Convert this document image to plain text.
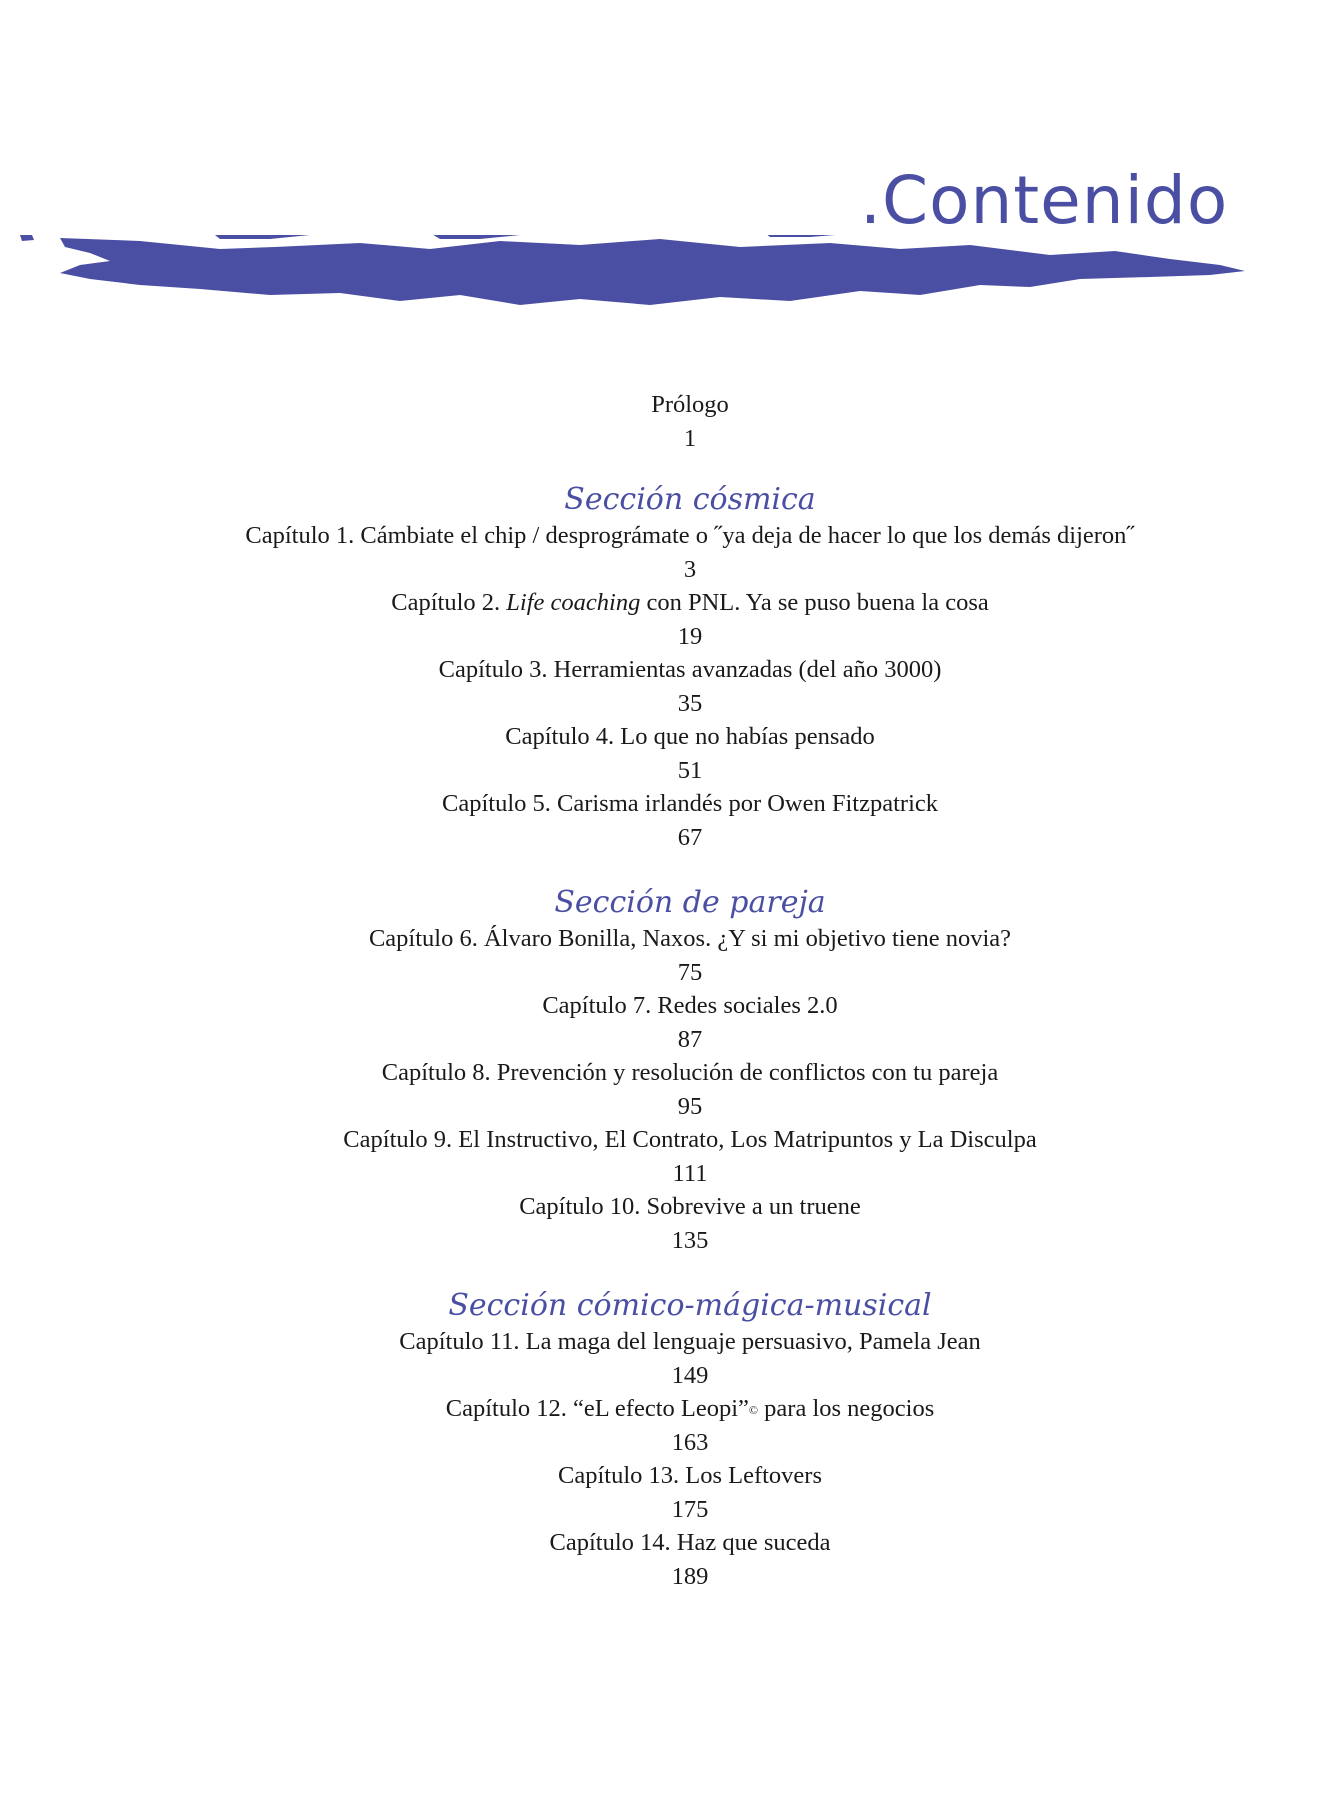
.Contenido
Prólogo
1
Sección cósmica
Capítulo 1. Cámbiate el chip / desprográmate o ˝ya deja de hacer lo que los demás dijeron˝
3
Capítulo 2. Life coaching con PNL. Ya se puso buena la cosa
19
Capítulo 3. Herramientas avanzadas (del año 3000)
35
Capítulo 4. Lo que no habías pensado
51
Capítulo 5. Carisma irlandés por Owen Fitzpatrick
67
Sección de pareja
Capítulo 6. Álvaro Bonilla, Naxos. ¿Y si mi objetivo tiene novia?
75
Capítulo 7. Redes sociales 2.0
87
Capítulo 8. Prevención y resolución de conflictos con tu pareja
95
Capítulo 9. El Instructivo, El Contrato, Los Matripuntos y La Disculpa
111
Capítulo 10. Sobrevive a un truene
135
Sección cómico-mágica-musical
Capítulo 11. La maga del lenguaje persuasivo, Pamela Jean
149
Capítulo 12. “eL efecto Leopi”© para los negocios
163
Capítulo 13. Los Leftovers
175
Capítulo 14. Haz que suceda
189
